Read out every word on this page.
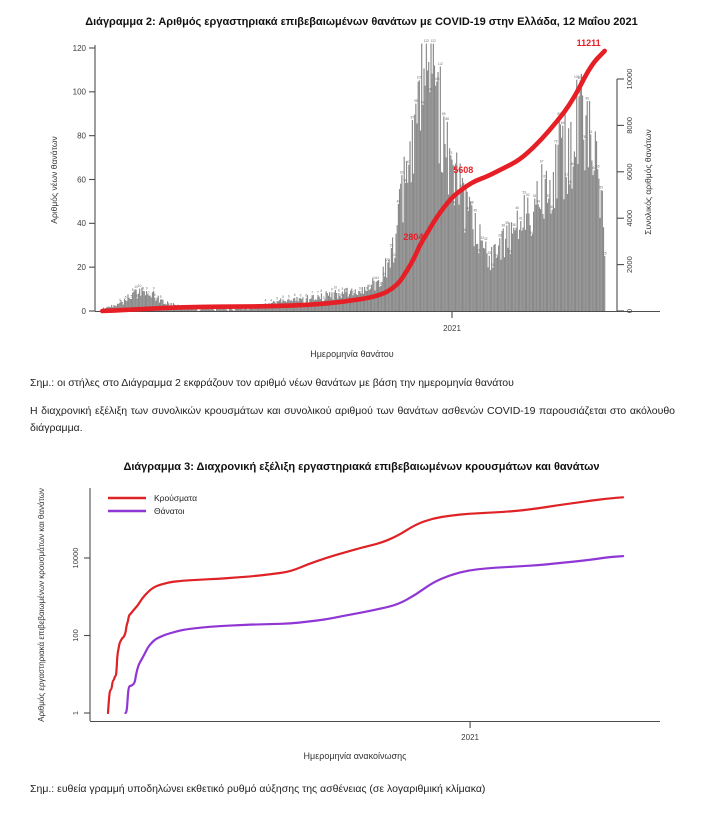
Διάγραμμα 2: Αριθμός εργαστηριακά επιβεβαιωμένων θανάτων με COVID-19 στην Ελλάδα, 12 Μαΐου 2021
4
5 5
8
10
6
10
9 9
7
9
6 5
4 4 5 5 6 6 6 6
7 7 8
5
9
10
8
6
9 9
7
9 9
10
14 14
11
16
22
29
24
49
62
58
67
87
95
105
94
122
100
122
105
112
89
86
71
48
53
56
36
46
48
45
26
32 32
25
20
24
33
38
39
26
38
46
41
53
52
34
51
49
67
60
51
46
76
89
84
61
58
66
106
105
78
96
81
64 65
55
25
0
20
40
60
80
100
120
0
2000
4000
6000
8000
10000
2021
Αριθμός νέων θανάτων	Συνολικός αριθμός θανάτων
Ημερομηνία θανάτου
2804
5608
11211
Σημ.: οι στήλες στο Διάγραμμα 2 εκφράζουν τον αριθμό νέων θανάτων με βάση την ημερομηνία θανάτου
Η διαχρονική εξέλιξη των συνολικών κρουσμάτων και συνολικού αριθμού των θανάτων ασθενών COVID-19 παρουσιάζεται στο ακόλουθο διάγραμμα.
Διάγραμμα 3: Διαχρονική εξέλιξη εργαστηριακά επιβεβαιωμένων κρουσμάτων και θανάτων
1
100
10000
2021
Αριθμός εργαστηριακά επιβεβαιωμένων κρουσμάτων και θανάτων
Ημερομηνία ανακοίνωσης
Κρούσματα
Θάνατοι
Σημ.: ευθεία γραμμή υποδηλώνει εκθετικό ρυθμό αύξησης της ασθένειας (σε λογαριθμική κλίμακα)
